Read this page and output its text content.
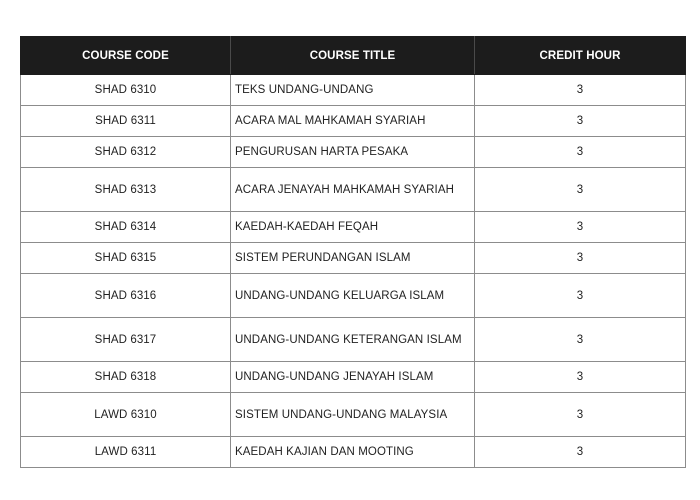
COURSE CODE	COURSE TITLE	CREDIT HOUR
SHAD 6310	TEKS UNDANG-UNDANG	3
SHAD 6311	ACARA MAL MAHKAMAH SYARIAH	3
SHAD 6312	PENGURUSAN HARTA PESAKA	3
SHAD 6313	ACARA JENAYAH MAHKAMAH SYARIAH	3
SHAD 6314	KAEDAH-KAEDAH FEQAH	3
SHAD 6315	SISTEM PERUNDANGAN ISLAM	3
SHAD 6316	UNDANG-UNDANG KELUARGA ISLAM	3
SHAD 6317	UNDANG-UNDANG KETERANGAN ISLAM	3
SHAD 6318	UNDANG-UNDANG JENAYAH ISLAM	3
LAWD 6310	SISTEM UNDANG-UNDANG MALAYSIA	3
LAWD 6311	KAEDAH KAJIAN DAN MOOTING	3
